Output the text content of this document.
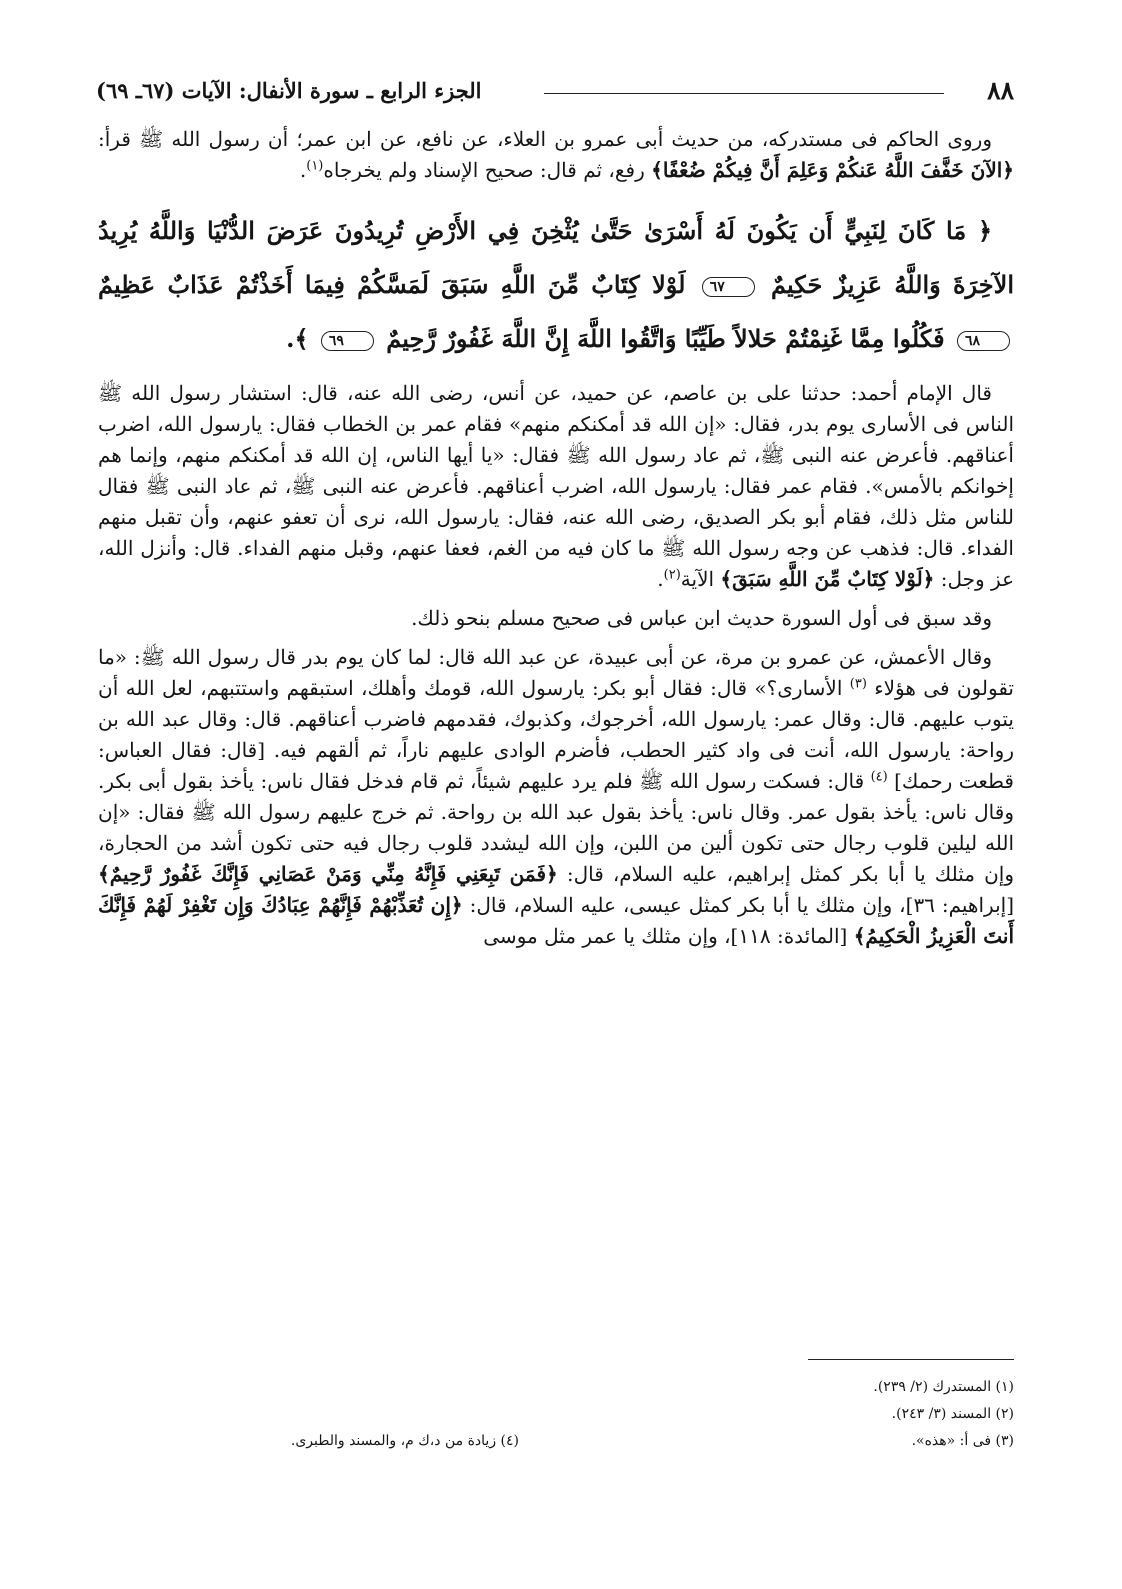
٨٨
الجزء الرابع ـ سورة الأنفال: الآيات (٦٧ـ ٦٩)

وروى الحاكم فى مستدركه، من حديث أبى عمرو بن العلاء، عن نافع، عن ابن عمر؛ أن رسول الله ﷺ قرأ: ﴿الآنَ خَفَّفَ اللَّهُ عَنكُمْ وَعَلِمَ أَنَّ فِيكُمْ ضُعْفًا﴾ رفع، ثم قال: صحيح الإسناد ولم يخرجاه$^{(١)}$.

﴿ مَا كَانَ لِنَبِيٍّ أَن يَكُونَ لَهُ أَسْرَىٰ حَتَّىٰ يُثْخِنَ فِي الأَرْضِ تُرِيدُونَ عَرَضَ الدُّنْيَا وَاللَّهُ يُرِيدُ الآخِرَةَ وَاللَّهُ عَزِيزٌ حَكِيمٌ ٦٧ لَوْلا كِتَابٌ مِّنَ اللَّهِ سَبَقَ لَمَسَّكُمْ فِيمَا أَخَذْتُمْ عَذَابٌ عَظِيمٌ٦٨ فَكُلُوا مِمَّا غَنِمْتُمْ حَلالاً طَيِّبًا وَاتَّقُوا اللَّهَ إِنَّ اللَّهَ غَفُورٌ رَّحِيمٌ ٦٩ ﴾.

قال الإمام أحمد: حدثنا على بن عاصم، عن حميد، عن أنس، رضى الله عنه، قال: استشار رسول الله ﷺ الناس فى الأسارى يوم بدر، فقال: «إن الله قد أمكنكم منهم» فقام عمر بن الخطاب فقال: يارسول الله، اضرب أعناقهم. فأعرض عنه النبى ﷺ، ثم عاد رسول الله ﷺ فقال: «يا أيها الناس، إن الله قد أمكنكم منهم، وإنما هم إخوانكم بالأمس». فقام عمر فقال: يارسول الله، اضرب أعناقهم. فأعرض عنه النبى ﷺ، ثم عاد النبى ﷺ فقال للناس مثل ذلك، فقام أبو بكر الصديق، رضى الله عنه، فقال: يارسول الله، نرى أن تعفو عنهم، وأن تقبل منهم الفداء. قال: فذهب عن وجه رسول الله ﷺ ما كان فيه من الغم، فعفا عنهم، وقبل منهم الفداء. قال: وأنزل الله، عز وجل: ﴿لَوْلا كِتَابٌ مِّنَ اللَّهِ سَبَقَ﴾ الآية$^{(٢)}$.

وقد سبق فى أول السورة حديث ابن عباس فى صحيح مسلم بنحو ذلك.

وقال الأعمش، عن عمرو بن مرة، عن أبى عبيدة، عن عبد الله قال: لما كان يوم بدر قال رسول الله ﷺ: «ما تقولون فى هؤلاء $^{(٣)}$ الأسارى؟» قال: فقال أبو بكر: يارسول الله، قومك وأهلك، استبقهم واستتبهم، لعل الله أن يتوب عليهم. قال: وقال عمر: يارسول الله، أخرجوك، وكذبوك، فقدمهم فاضرب أعناقهم. قال: وقال عبد الله بن رواحة: يارسول الله، أنت فى واد كثير الحطب، فأضرم الوادى عليهم ناراً، ثم ألقهم فيه. [قال: فقال العباس: قطعت رحمك] $^{(٤)}$ قال: فسكت رسول الله ﷺ فلم يرد عليهم شيئاً، ثم قام فدخل فقال ناس: يأخذ بقول أبى بكر. وقال ناس: يأخذ بقول عمر. وقال ناس: يأخذ بقول عبد الله بن رواحة. ثم خرج عليهم رسول الله ﷺ فقال: «إن الله ليلين قلوب رجال حتى تكون ألين من اللبن، وإن الله ليشدد قلوب رجال فيه حتى تكون أشد من الحجارة، وإن مثلك يا أبا بكر كمثل إبراهيم، عليه السلام، قال: ﴿فَمَن تَبِعَنِي فَإِنَّهُ مِنِّي وَمَنْ عَصَانِي فَإِنَّكَ غَفُورٌ رَّحِيمٌ﴾ [إبراهيم: ٣٦]، وإن مثلك يا أبا بكر كمثل عيسى، عليه السلام، قال: ﴿إِن تُعَذِّبْهُمْ فَإِنَّهُمْ عِبَادُكَ وَإِن تَغْفِرْ لَهُمْ فَإِنَّكَ أَنتَ الْعَزِيزُ الْحَكِيمُ﴾ [المائدة: ١١٨]، وإن مثلك يا عمر مثل موسى

(١) المستدرك (٢/ ٢٣٩).
(٢) المسند (٣/ ٢٤٣).
(٣) فى أ: «هذه».
(٤) زيادة من د،ك م، والمسند والطبرى.
